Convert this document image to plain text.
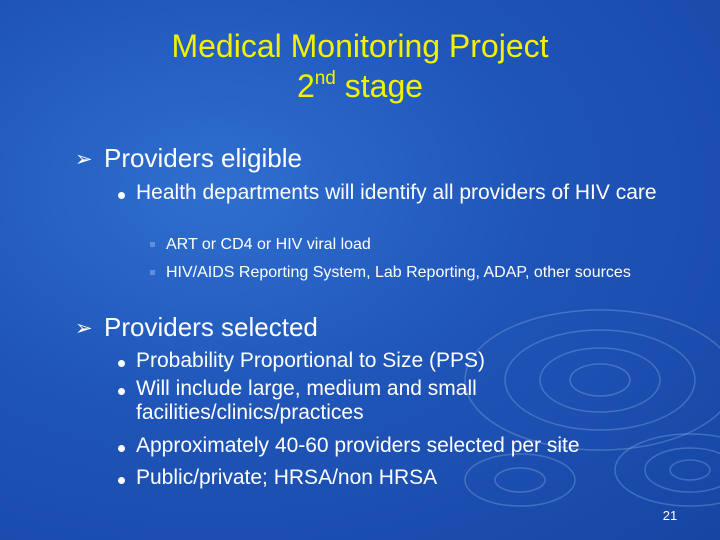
Medical Monitoring Project
2nd stage
➢ Providers eligible
Health departments will identify all providers of HIV care
ART or CD4 or HIV viral load
HIV/AIDS Reporting System, Lab Reporting, ADAP, other sources
➢ Providers selected
Probability Proportional to Size (PPS)
Will include large, medium and small facilities/clinics/practices
Approximately 40-60 providers selected per site
Public/private; HRSA/non HRSA
21
